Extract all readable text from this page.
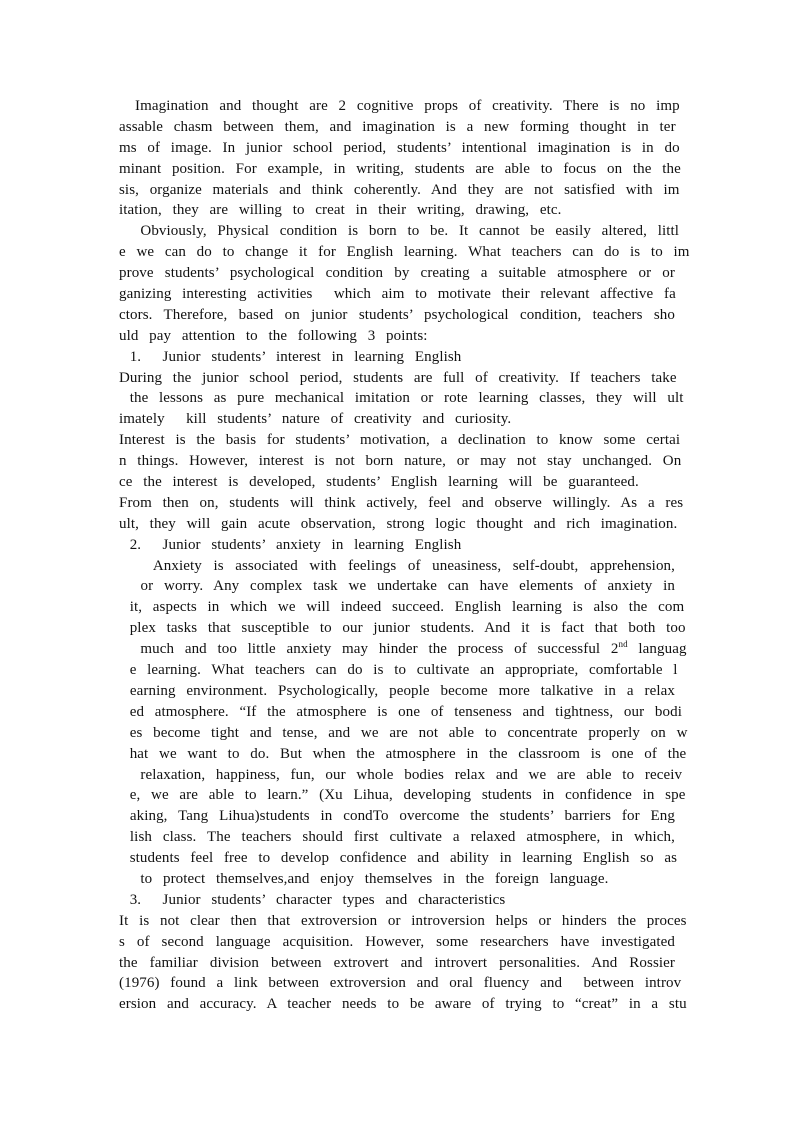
Imagination  and  thought  are  2  cognitive  props  of  creativity.  There  is  no  imp
assable  chasm  between  them,  and  imagination  is  a  new  forming  thought  in  ter
ms  of  image.  In  junior  school  period,  students’  intentional  imagination  is  in  do
minant  position.  For  example,  in  writing,  students  are  able  to  focus  on  the  the
sis,  organize  materials  and  think  coherently.  And  they  are  not  satisfied  with  im
itation,  they  are  willing  to  creat  in  their  writing,  drawing,  etc.
Obviously,  Physical  condition  is  born  to  be.  It  cannot  be  easily  altered,  littl
e  we  can  do  to  change  it  for  English  learning.  What  teachers  can  do  is  to  im
prove  students’  psychological  condition  by  creating  a  suitable  atmosphere  or  or
ganizing  interesting  activities    which  aim  to  motivate  their  relevant  affective  fa
ctors.  Therefore,  based  on  junior  students’  psychological  condition,  teachers  sho
uld  pay  attention  to  the  following  3  points:
1.    Junior  students’  interest  in  learning  English
During  the  junior  school  period,  students  are  full  of  creativity.  If  teachers  take
the  lessons  as  pure  mechanical  imitation  or  rote  learning  classes,  they  will  ult
imately    kill  students’  nature  of  creativity  and  curiosity.
Interest  is  the  basis  for  students’  motivation,  a  declination  to  know  some  certai
n  things.  However,  interest  is  not  born  nature,  or  may  not  stay  unchanged.  On
ce  the  interest  is  developed,  students’  English  learning  will  be  guaranteed.
From  then  on,  students  will  think  actively,  feel  and  observe  willingly.  As  a  res
ult,  they  will  gain  acute  observation,  strong  logic  thought  and  rich  imagination.
2.    Junior  students’  anxiety  in  learning  English
Anxiety  is  associated  with  feelings  of  uneasiness,  self-doubt,  apprehension,
or  worry.  Any  complex  task  we  undertake  can  have  elements  of  anxiety  in
it,  aspects  in  which  we  will  indeed  succeed.  English  learning  is  also  the  com
plex  tasks  that  susceptible  to  our  junior  students.  And  it  is  fact  that  both  too
much  and  too  little  anxiety  may  hinder  the  process  of  successful  2nd  languag
e  learning.  What  teachers  can  do  is  to  cultivate  an  appropriate,  comfortable  l
earning  environment.  Psychologically,  people  become  more  talkative  in  a  relax
ed  atmosphere.  “If  the  atmosphere  is  one  of  tenseness  and  tightness,  our  bodi
es  become  tight  and  tense,  and  we  are  not  able  to  concentrate  properly  on  w
hat  we  want  to  do.  But  when  the  atmosphere  in  the  classroom  is  one  of  the
relaxation,  happiness,  fun,  our  whole  bodies  relax  and  we  are  able  to  receiv
e,  we  are  able  to  learn.”  (Xu  Lihua,  developing  students  in  confidence  in  spe
aking,  Tang  Lihua)students  in  condTo  overcome  the  students’  barriers  for  Eng
lish  class.  The  teachers  should  first  cultivate  a  relaxed  atmosphere,  in  which,
students  feel  free  to  develop  confidence  and  ability  in  learning  English  so  as
to  protect  themselves,and  enjoy  themselves  in  the  foreign  language.
3.    Junior  students’  character  types  and  characteristics
It  is  not  clear  then  that  extroversion  or  introversion  helps  or  hinders  the  proces
s  of  second  language  acquisition.  However,  some  researchers  have  investigated
the  familiar  division  between  extrovert  and  introvert  personalities.  And  Rossier
(1976)  found  a  link  between  extroversion  and  oral  fluency  and    between  introv
ersion  and  accuracy.  A  teacher  needs  to  be  aware  of  trying  to  “creat”  in  a  stu
